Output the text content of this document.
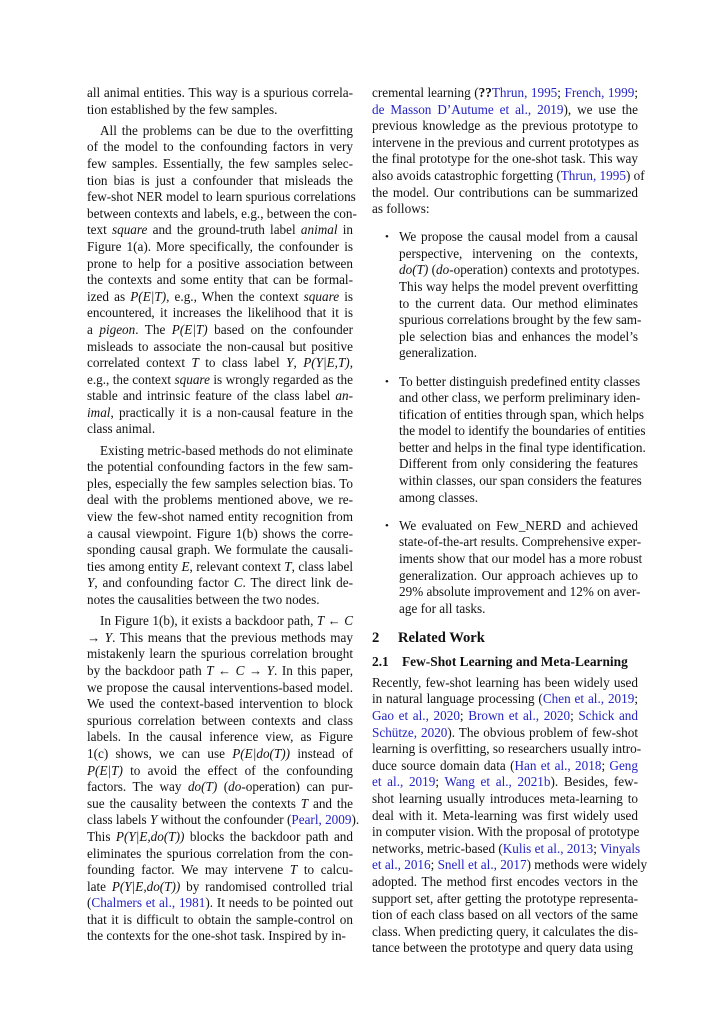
all animal entities. This way is a spurious correla-
tion established by the few samples.
All the problems can be due to the overfitting
of the model to the confounding factors in very
few samples. Essentially, the few samples selec-
tion bias is just a confounder that misleads the
few-shot NER model to learn spurious correlations
between contexts and labels, e.g., between the con-
text square and the ground-truth label animal in
Figure 1(a). More specifically, the confounder is
prone to help for a positive association between
the contexts and some entity that can be formal-
ized as P(E|T), e.g., When the context square is
encountered, it increases the likelihood that it is
a pigeon. The P(E|T) based on the confounder
misleads to associate the non-causal but positive
correlated context T to class label Y, P(Y|E,T),
e.g., the context square is wrongly regarded as the
stable and intrinsic feature of the class label an-
imal, practically it is a non-causal feature in the
class animal.
Existing metric-based methods do not eliminate
the potential confounding factors in the few sam-
ples, especially the few samples selection bias. To
deal with the problems mentioned above, we re-
view the few-shot named entity recognition from
a causal viewpoint. Figure 1(b) shows the corre-
sponding causal graph. We formulate the causali-
ties among entity E, relevant context T, class label
Y, and confounding factor C. The direct link de-
notes the causalities between the two nodes.
In Figure 1(b), it exists a backdoor path, T ← C
→ Y. This means that the previous methods may
mistakenly learn the spurious correlation brought
by the backdoor path T ← C → Y. In this paper,
we propose the causal interventions-based model.
We used the context-based intervention to block
spurious correlation between contexts and class
labels. In the causal inference view, as Figure
1(c) shows, we can use P(E|do(T)) instead of
P(E|T) to avoid the effect of the confounding
factors. The way do(T) (do-operation) can pur-
sue the causality between the contexts T and the
class labels Y without the confounder (Pearl, 2009).
This P(Y|E,do(T)) blocks the backdoor path and
eliminates the spurious correlation from the con-
founding factor. We may intervene T to calcu-
late P(Y|E,do(T)) by randomised controlled trial
(Chalmers et al., 1981). It needs to be pointed out
that it is difficult to obtain the sample-control on
the contexts for the one-shot task. Inspired by in-
cremental learning (??Thrun, 1995; French, 1999;
de Masson D’Autume et al., 2019), we use the
previous knowledge as the previous prototype to
intervene in the previous and current prototypes as
the final prototype for the one-shot task. This way
also avoids catastrophic forgetting (Thrun, 1995) of
the model. Our contributions can be summarized
as follows:
• We propose the causal model from a causal
perspective, intervening on the contexts,
do(T) (do-operation) contexts and prototypes.
This way helps the model prevent overfitting
to the current data. Our method eliminates
spurious correlations brought by the few sam-
ple selection bias and enhances the model’s
generalization.
• To better distinguish predefined entity classes
and other class, we perform preliminary iden-
tification of entities through span, which helps
the model to identify the boundaries of entities
better and helps in the final type identification.
Different from only considering the features
within classes, our span considers the features
among classes.
• We evaluated on Few_NERD and achieved
state-of-the-art results. Comprehensive exper-
iments show that our model has a more robust
generalization. Our approach achieves up to
29% absolute improvement and 12% on aver-
age for all tasks.
2 Related Work
2.1 Few-Shot Learning and Meta-Learning
Recently, few-shot learning has been widely used
in natural language processing (Chen et al., 2019;
Gao et al., 2020; Brown et al., 2020; Schick and
Schütze, 2020). The obvious problem of few-shot
learning is overfitting, so researchers usually intro-
duce source domain data (Han et al., 2018; Geng
et al., 2019; Wang et al., 2021b). Besides, few-
shot learning usually introduces meta-learning to
deal with it. Meta-learning was first widely used
in computer vision. With the proposal of prototype
networks, metric-based (Kulis et al., 2013; Vinyals
et al., 2016; Snell et al., 2017) methods were widely
adopted. The method first encodes vectors in the
support set, after getting the prototype representa-
tion of each class based on all vectors of the same
class. When predicting query, it calculates the dis-
tance between the prototype and query data using
